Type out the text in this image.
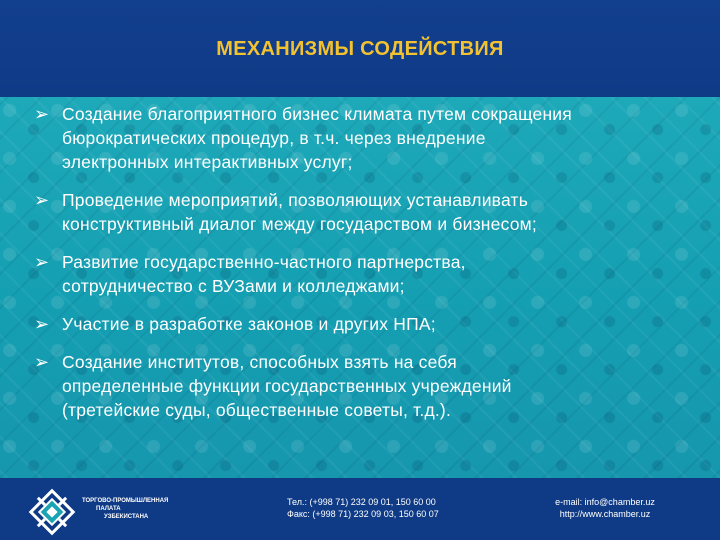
МЕХАНИЗМЫ СОДЕЙСТВИЯ
➢ Создание благоприятного бизнес климата путем сокращения
бюрократических процедур, в т.ч. через внедрение
электронных интерактивных услуг;
➢ Проведение мероприятий, позволяющих устанавливать
конструктивный диалог между государством и бизнесом;
➢ Развитие государственно-частного партнерства,
сотрудничество с ВУЗами и колледжами;
➢ Участие в разработке законов и других НПА;
➢ Создание институтов, способных взять на себя
определенные функции государственных учреждений
(третейские суды, общественные советы, т.д.).
ТОРГОВО-ПРОМЫШЛЕННАЯ
ПАЛАТА
УЗБЕКИСТАНА
Тел.: (+998 71) 232 09 01, 150 60 00
Факс: (+998 71) 232 09 03, 150 60 07
e-mail: info@chamber.uz
http://www.chamber.uz
